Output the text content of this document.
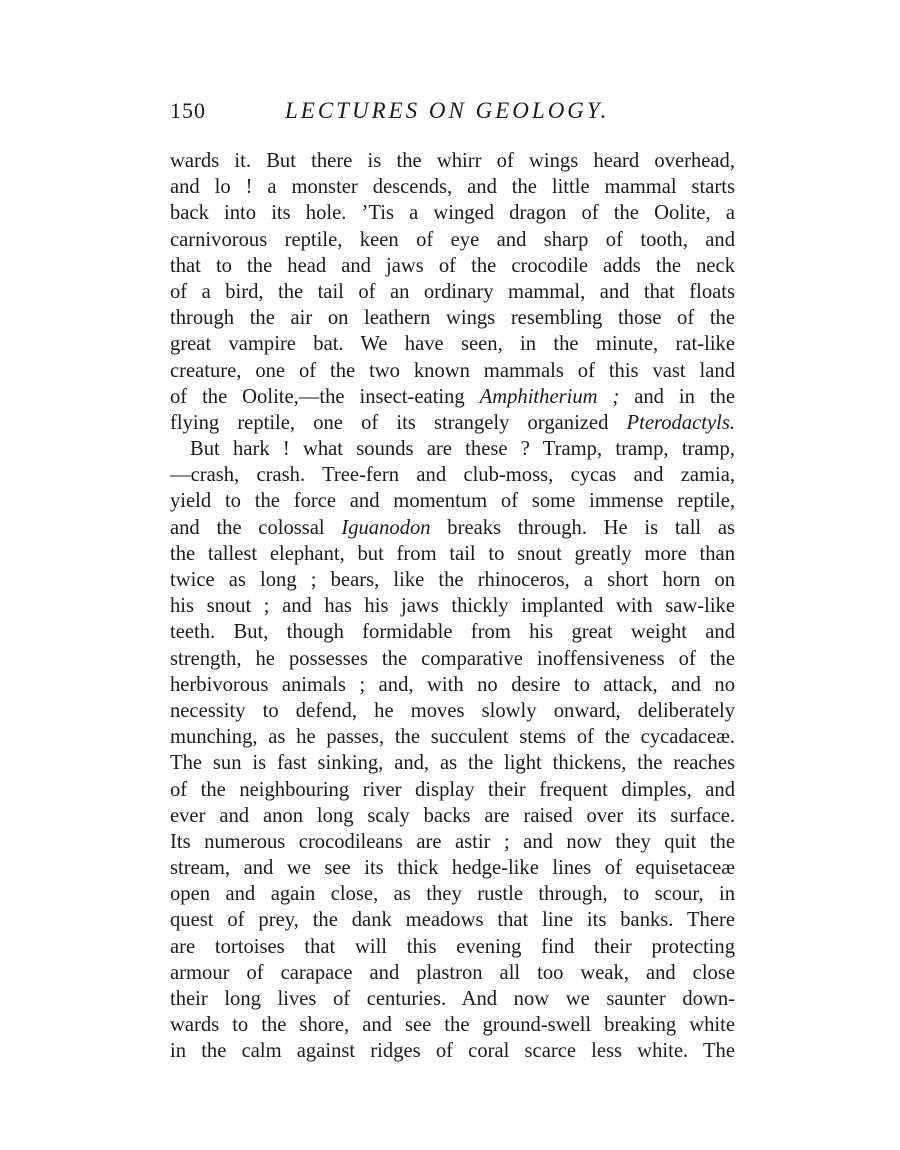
150	LECTURES ON GEOLOGY.
wards it. But there is the whirr of wings heard overhead,
and lo ! a monster descends, and the little mammal starts
back into its hole. ’Tis a winged dragon of the Oolite, a
carnivorous reptile, keen of eye and sharp of tooth, and
that to the head and jaws of the crocodile adds the neck
of a bird, the tail of an ordinary mammal, and that floats
through the air on leathern wings resembling those of the
great vampire bat. We have seen, in the minute, rat-like
creature, one of the two known mammals of this vast land
of the Oolite,—the insect-eating Amphitherium ; and in the
flying reptile, one of its strangely organized Pterodactyls.
But hark ! what sounds are these ? Tramp, tramp, tramp,
—crash, crash. Tree-fern and club-moss, cycas and zamia,
yield to the force and momentum of some immense reptile,
and the colossal Iguanodon breaks through. He is tall as
the tallest elephant, but from tail to snout greatly more than
twice as long ; bears, like the rhinoceros, a short horn on
his snout ; and has his jaws thickly implanted with saw-like
teeth. But, though formidable from his great weight and
strength, he possesses the comparative inoffensiveness of the
herbivorous animals ; and, with no desire to attack, and no
necessity to defend, he moves slowly onward, deliberately
munching, as he passes, the succulent stems of the cycadaceæ.
The sun is fast sinking, and, as the light thickens, the reaches
of the neighbouring river display their frequent dimples, and
ever and anon long scaly backs are raised over its surface.
Its numerous crocodileans are astir ; and now they quit the
stream, and we see its thick hedge-like lines of equisetaceæ
open and again close, as they rustle through, to scour, in
quest of prey, the dank meadows that line its banks. There
are tortoises that will this evening find their protecting
armour of carapace and plastron all too weak, and close
their long lives of centuries. And now we saunter down-
wards to the shore, and see the ground-swell breaking white
in the calm against ridges of coral scarce less white. The
